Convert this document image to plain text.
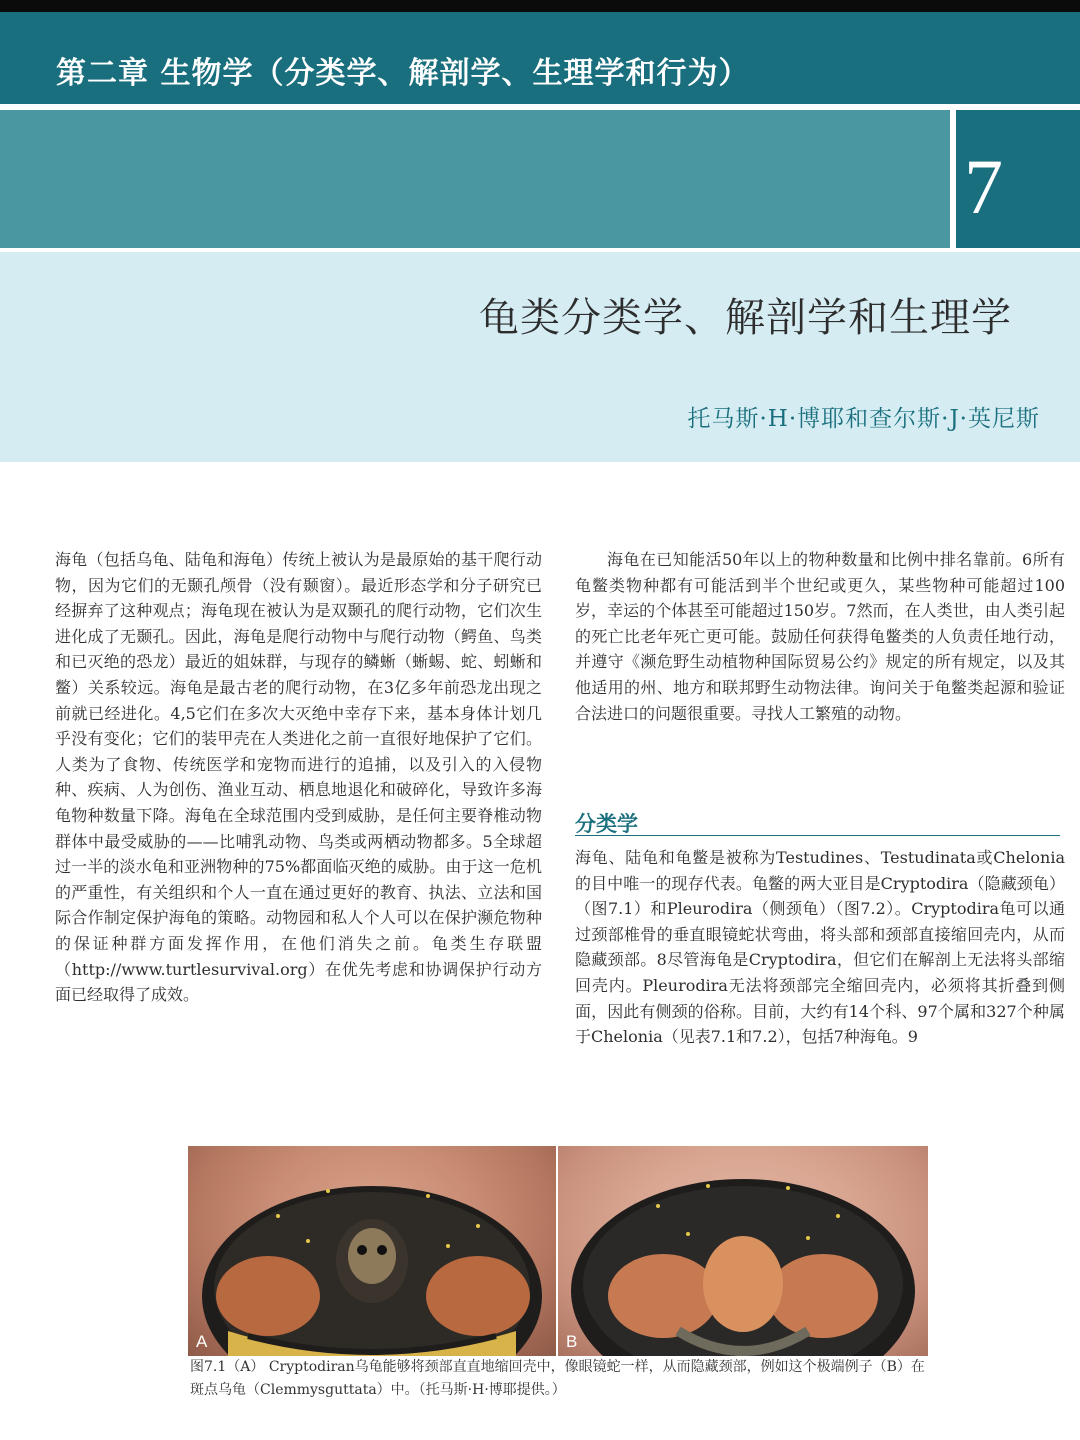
第二章 生物学（分类学、解剖学、生理学和行为）
7
龟类分类学、解剖学和生理学
托马斯·H·博耶和查尔斯·J·英尼斯
海龟（包括乌龟、陆龟和海龟）传统上被认为是最原始的基干爬行动物，因为它们的无颞孔颅骨（没有颞窗）。最近形态学和分子研究已经摒弃了这种观点；海龟现在被认为是双颞孔的爬行动物，它们次生进化成了无颞孔。因此，海龟是爬行动物中与爬行动物（鳄鱼、鸟类和已灭绝的恐龙）最近的姐妹群，与现存的鳞蜥（蜥蜴、蛇、蚓蜥和鳖）关系较远。海龟是最古老的爬行动物，在3亿多年前恐龙出现之前就已经进化。4,5它们在多次大灭绝中幸存下来，基本身体计划几乎没有变化；它们的装甲壳在人类进化之前一直很好地保护了它们。人类为了食物、传统医学和宠物而进行的追捕，以及引入的入侵物种、疾病、人为创伤、渔业互动、栖息地退化和破碎化，导致许多海龟物种数量下降。海龟在全球范围内受到威胁，是任何主要脊椎动物群体中最受威胁的——比哺乳动物、鸟类或两栖动物都多。5全球超过一半的淡水龟和亚洲物种的75%都面临灭绝的威胁。由于这一危机的严重性，有关组织和个人一直在通过更好的教育、执法、立法和国际合作制定保护海龟的策略。动物园和私人个人可以在保护濒危物种的保证种群方面发挥作用，在他们消失之前。龟类生存联盟（http://www.turtlesurvival.org）在优先考虑和协调保护行动方面已经取得了成效。
海龟在已知能活50年以上的物种数量和比例中排名靠前。6所有龟鳖类物种都有可能活到半个世纪或更久，某些物种可能超过100岁，幸运的个体甚至可能超过150岁。7然而，在人类世，由人类引起的死亡比老年死亡更可能。鼓励任何获得龟鳖类的人负责任地行动，并遵守《濒危野生动植物种国际贸易公约》规定的所有规定，以及其他适用的州、地方和联邦野生动物法律。询问关于龟鳖类起源和验证合法进口的问题很重要。寻找人工繁殖的动物。
分类学
海龟、陆龟和龟鳖是被称为Testudines、Testudinata或Chelonia的目中唯一的现存代表。龟鳖的两大亚目是Cryptodira（隐藏颈龟）（图7.1）和Pleurodira（侧颈龟）（图7.2）。Cryptodira龟可以通过颈部椎骨的垂直眼镜蛇状弯曲，将头部和颈部直接缩回壳内，从而隐藏颈部。8尽管海龟是Cryptodira，但它们在解剖上无法将头部缩回壳内。Pleurodira无法将颈部完全缩回壳内，必须将其折叠到侧面，因此有侧颈的俗称。目前，大约有14个科、97个属和327个种属于Chelonia（见表7.1和7.2），包括7种海龟。9
A	B
图7.1（A） Cryptodiran乌龟能够将颈部直直地缩回壳中，像眼镜蛇一样，从而隐藏颈部，例如这个极端例子（B）在斑点乌龟（Clemmysguttata）中。（托马斯·H·博耶提供。）
